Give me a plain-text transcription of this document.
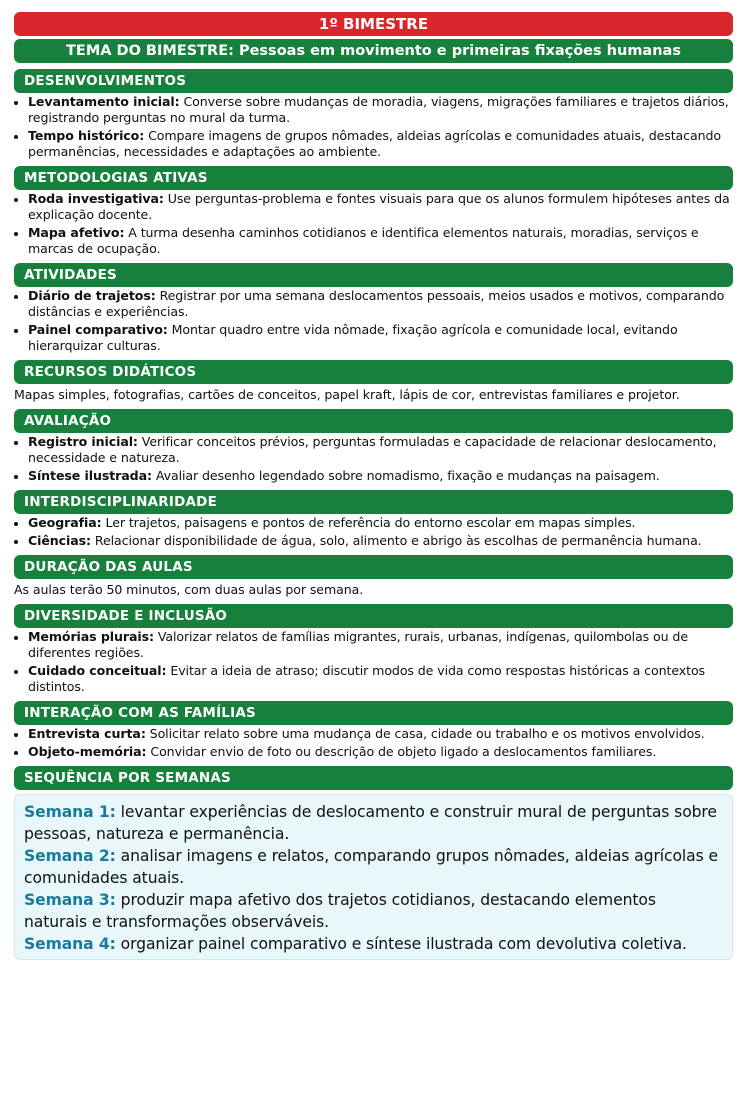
1º BIMESTRE
TEMA DO BIMESTRE: Pessoas em movimento e primeiras fixações humanas
DESENVOLVIMENTOS
• Levantamento inicial: Converse sobre mudanças de moradia, viagens, migrações familiares e trajetos diários, registrando perguntas no mural da turma.
• Tempo histórico: Compare imagens de grupos nômades, aldeias agrícolas e comunidades atuais, destacando permanências, necessidades e adaptações ao ambiente.
METODOLOGIAS ATIVAS
• Roda investigativa: Use perguntas-problema e fontes visuais para que os alunos formulem hipóteses antes da explicação docente.
• Mapa afetivo: A turma desenha caminhos cotidianos e identifica elementos naturais, moradias, serviços e marcas de ocupação.
ATIVIDADES
• Diário de trajetos: Registrar por uma semana deslocamentos pessoais, meios usados e motivos, comparando distâncias e experiências.
• Painel comparativo: Montar quadro entre vida nômade, fixação agrícola e comunidade local, evitando hierarquizar culturas.
RECURSOS DIDÁTICOS

Mapas simples, fotografias, cartões de conceitos, papel kraft, lápis de cor, entrevistas familiares e projetor.

AVALIAÇÃO
• Registro inicial: Verificar conceitos prévios, perguntas formuladas e capacidade de relacionar deslocamento, necessidade e natureza.
• Síntese ilustrada: Avaliar desenho legendado sobre nomadismo, fixação e mudanças na paisagem.
INTERDISCIPLINARIDADE
• Geografia: Ler trajetos, paisagens e pontos de referência do entorno escolar em mapas simples.
• Ciências: Relacionar disponibilidade de água, solo, alimento e abrigo às escolhas de permanência humana.
DURAÇÃO DAS AULAS

As aulas terão 50 minutos, com duas aulas por semana.

DIVERSIDADE E INCLUSÃO
• Memórias plurais: Valorizar relatos de famílias migrantes, rurais, urbanas, indígenas, quilombolas ou de diferentes regiões.
• Cuidado conceitual: Evitar a ideia de atraso; discutir modos de vida como respostas históricas a contextos distintos.
INTERAÇÃO COM AS FAMÍLIAS
• Entrevista curta: Solicitar relato sobre uma mudança de casa, cidade ou trabalho e os motivos envolvidos.
• Objeto-memória: Convidar envio de foto ou descrição de objeto ligado a deslocamentos familiares.
SEQUÊNCIA POR SEMANAS

Semana 1: levantar experiências de deslocamento e construir mural de perguntas sobre pessoas, natureza e permanência.

Semana 2: analisar imagens e relatos, comparando grupos nômades, aldeias agrícolas e comunidades atuais.

Semana 3: produzir mapa afetivo dos trajetos cotidianos, destacando elementos naturais e transformações observáveis.

Semana 4: organizar painel comparativo e síntese ilustrada com devolutiva coletiva.
